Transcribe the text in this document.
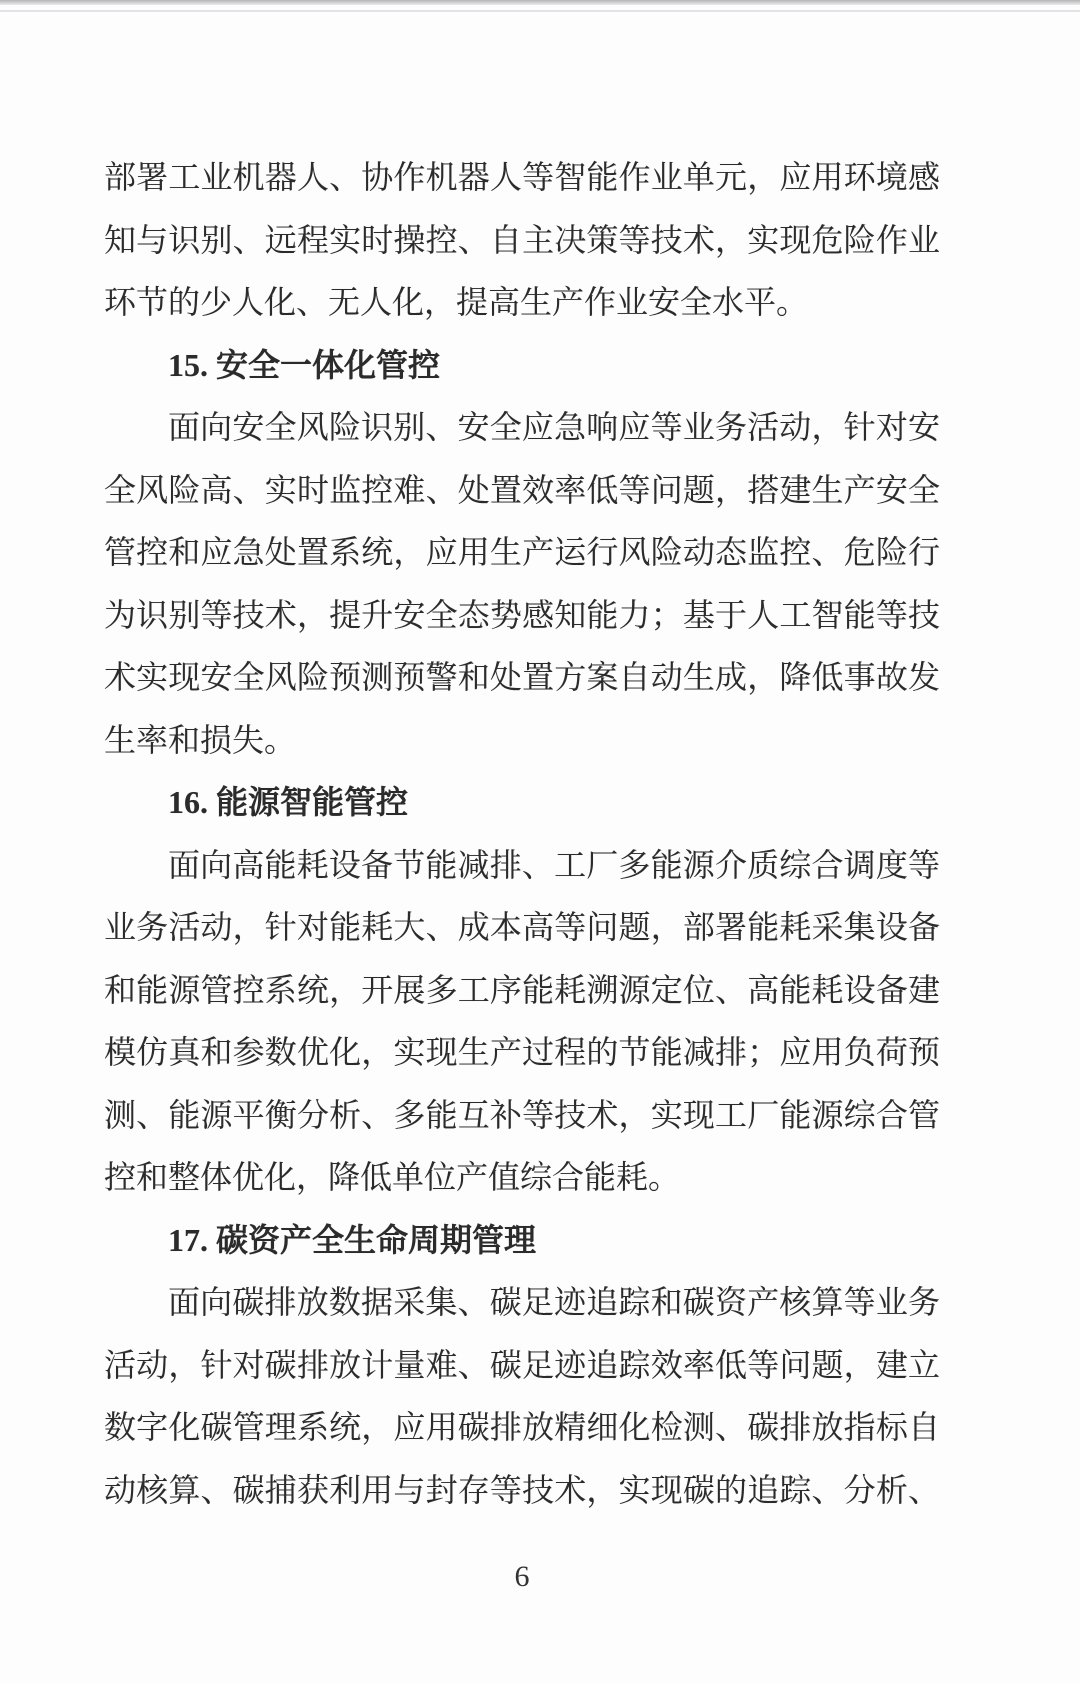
部署工业机器人、协作机器人等智能作业单元，应用环境感
知与识别、远程实时操控、自主决策等技术，实现危险作业
环节的少人化、无人化，提高生产作业安全水平。
15. 安全一体化管控
面向安全风险识别、安全应急响应等业务活动，针对安
全风险高、实时监控难、处置效率低等问题，搭建生产安全
管控和应急处置系统，应用生产运行风险动态监控、危险行
为识别等技术，提升安全态势感知能力；基于人工智能等技
术实现安全风险预测预警和处置方案自动生成，降低事故发
生率和损失。
16. 能源智能管控
面向高能耗设备节能减排、工厂多能源介质综合调度等
业务活动，针对能耗大、成本高等问题，部署能耗采集设备
和能源管控系统，开展多工序能耗溯源定位、高能耗设备建
模仿真和参数优化，实现生产过程的节能减排；应用负荷预
测、能源平衡分析、多能互补等技术，实现工厂能源综合管
控和整体优化，降低单位产值综合能耗。
17. 碳资产全生命周期管理
面向碳排放数据采集、碳足迹追踪和碳资产核算等业务
活动，针对碳排放计量难、碳足迹追踪效率低等问题，建立
数字化碳管理系统，应用碳排放精细化检测、碳排放指标自
动核算、碳捕获利用与封存等技术，实现碳的追踪、分析、
6
